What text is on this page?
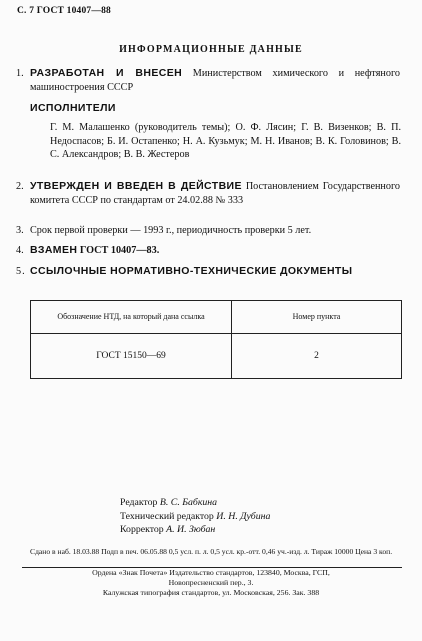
С. 7 ГОСТ 10407—88
ИНФОРМАЦИОННЫЕ ДАННЫЕ
1. РАЗРАБОТАН И ВНЕСЕН Министерством химического и нефтяного машиностроения СССР
ИСПОЛНИТЕЛИ
Г. М. Малашенко (руководитель темы); О. Ф. Лясин; Г. В. Визенков; В. П. Недоспасов; Б. И. Остапенко; Н. А. Кузьмук; М. Н. Иванов; В. К. Головинов; В. С. Александров; В. В. Жестеров
2. УТВЕРЖДЕН И ВВЕДЕН В ДЕЙСТВИЕ Постановлением Государственного комитета СССР по стандартам от 24.02.88 № 333
3. Срок первой проверки — 1993 г., периодичность проверки 5 лет.
4. ВЗАМЕН ГОСТ 10407—83.
5. ССЫЛОЧНЫЕ НОРМАТИВНО-ТЕХНИЧЕСКИЕ ДОКУМЕНТЫ
Обозначение НТД, на который дана ссылка	Номер пункта
ГОСТ 15150—69	2
Редактор В. С. Бабкина
Технический редактор И. Н. Дубина
Корректор А. И. Зюбан
Сдано в наб. 18.03.88 Подп в печ. 06.05.88 0,5 усл. п. л. 0,5 усл. кр.-отт. 0,46 уч.-изд. л. Тираж 10000 Цена 3 коп.
Ордена «Знак Почета» Издательство стандартов, 123840, Москва, ГСП,
Новопресненский пер., 3.
Калужская типография стандартов, ул. Московская, 256. Зак. 388
